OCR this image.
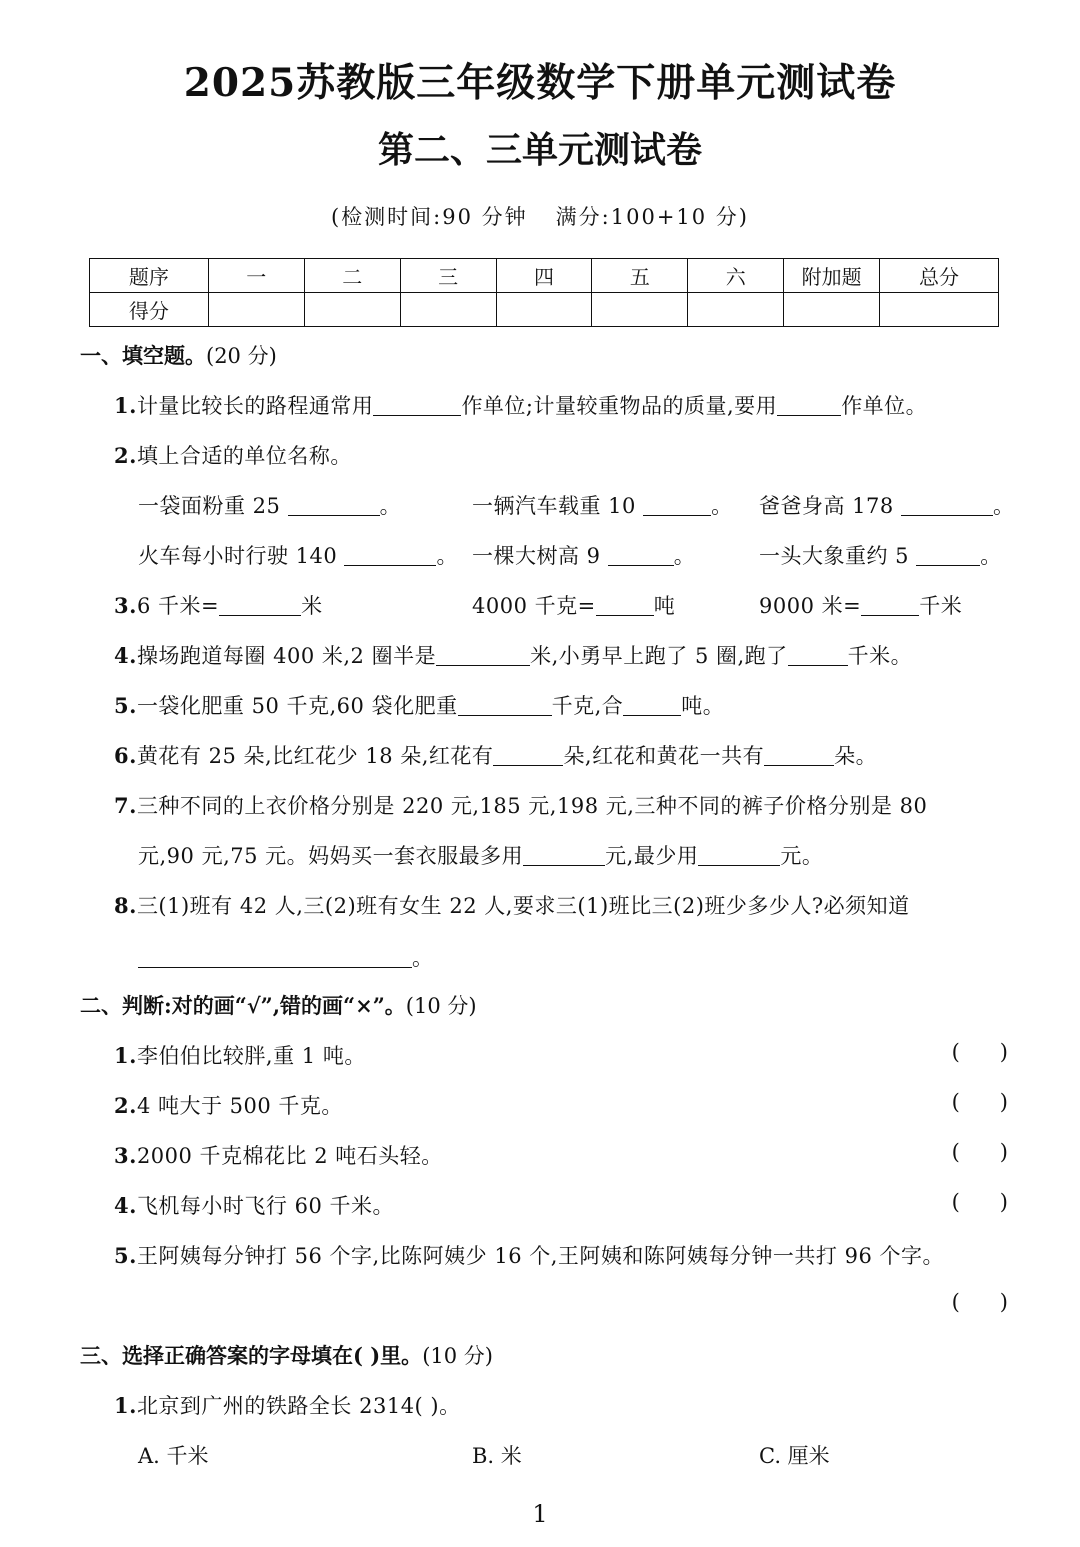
2025苏教版三年级数学下册单元测试卷
第二、三单元测试卷
(检测时间:90 分钟 满分:100+10 分)
题序	一	二	三	四	五	六	附加题	总分
得分								
一、填空题。(20 分)
1.计量比较长的路程通常用	作单位;计量较重物品的质量,要用	作单位。
2.填上合适的单位名称。
一袋面粉重 25	。	一辆汽车载重 10	。 爸爸身高 178	。
火车每小时行驶 140	。 一棵大树高 9	。	一头大象重约 5	。
3.6 千米=	米	4000 千克=	吨	9000 米=	千米
4.操场跑道每圈 400 米,2 圈半是	米,小勇早上跑了 5 圈,跑了	千米。
5.一袋化肥重 50 千克,60 袋化肥重	千克,合	吨。
6.黄花有 25 朵,比红花少 18 朵,红花有	朵,红花和黄花一共有	朵。
7.三种不同的上衣价格分别是 220 元,185 元,198 元,三种不同的裤子价格分别是 80
元,90 元,75 元。妈妈买一套衣服最多用	元,最少用	元。
8.三(1)班有 42 人,三(2)班有女生 22 人,要求三(1)班比三(2)班少多少人?必须知道
。
二、判断:对的画“√”,错的画“×”。(10 分)
1.李伯伯比较胖,重 1 吨。	(      )
2.4 吨大于 500 千克。	(      )
3.2000 千克棉花比 2 吨石头轻。	(      )
4.飞机每小时飞行 60 千米。	(      )
5.王阿姨每分钟打 56 个字,比陈阿姨少 16 个,王阿姨和陈阿姨每分钟一共打 96 个字。
(      )
三、选择正确答案的字母填在( )里。(10 分)
1.北京到广州的铁路全长 2314( )。
A. 千米	B. 米	C. 厘米
1
